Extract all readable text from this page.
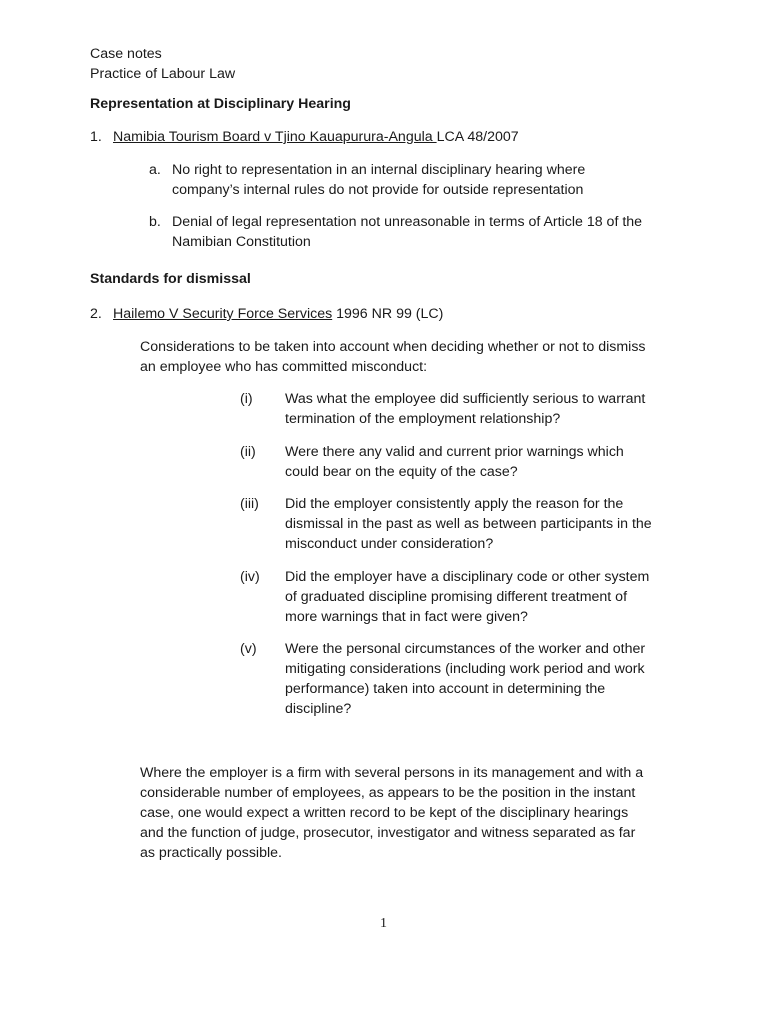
Case notes
Practice of Labour Law
Representation at Disciplinary Hearing
1. Namibia Tourism Board v Tjino Kauapurura-Angula LCA 48/2007
a. No right to representation in an internal disciplinary hearing where
company’s internal rules do not provide for outside representation
b. Denial of legal representation not unreasonable in terms of Article 18 of the
Namibian Constitution
Standards for dismissal
2. Hailemo V Security Force Services 1996 NR 99 (LC)
Considerations to be taken into account when deciding whether or not to dismiss
an employee who has committed misconduct:
(i) Was what the employee did sufficiently serious to warrant
termination of the employment relationship?
(ii) Were there any valid and current prior warnings which
could bear on the equity of the case?
(iii) Did the employer consistently apply the reason for the
dismissal in the past as well as between participants in the
misconduct under consideration?
(iv) Did the employer have a disciplinary code or other system
of graduated discipline promising different treatment of
more warnings that in fact were given?
(v) Were the personal circumstances of the worker and other
mitigating considerations (including work period and work
performance) taken into account in determining the
discipline?
Where the employer is a firm with several persons in its management and with a
considerable number of employees, as appears to be the position in the instant
case, one would expect a written record to be kept of the disciplinary hearings
and the function of judge, prosecutor, investigator and witness separated as far
as practically possible.
1
